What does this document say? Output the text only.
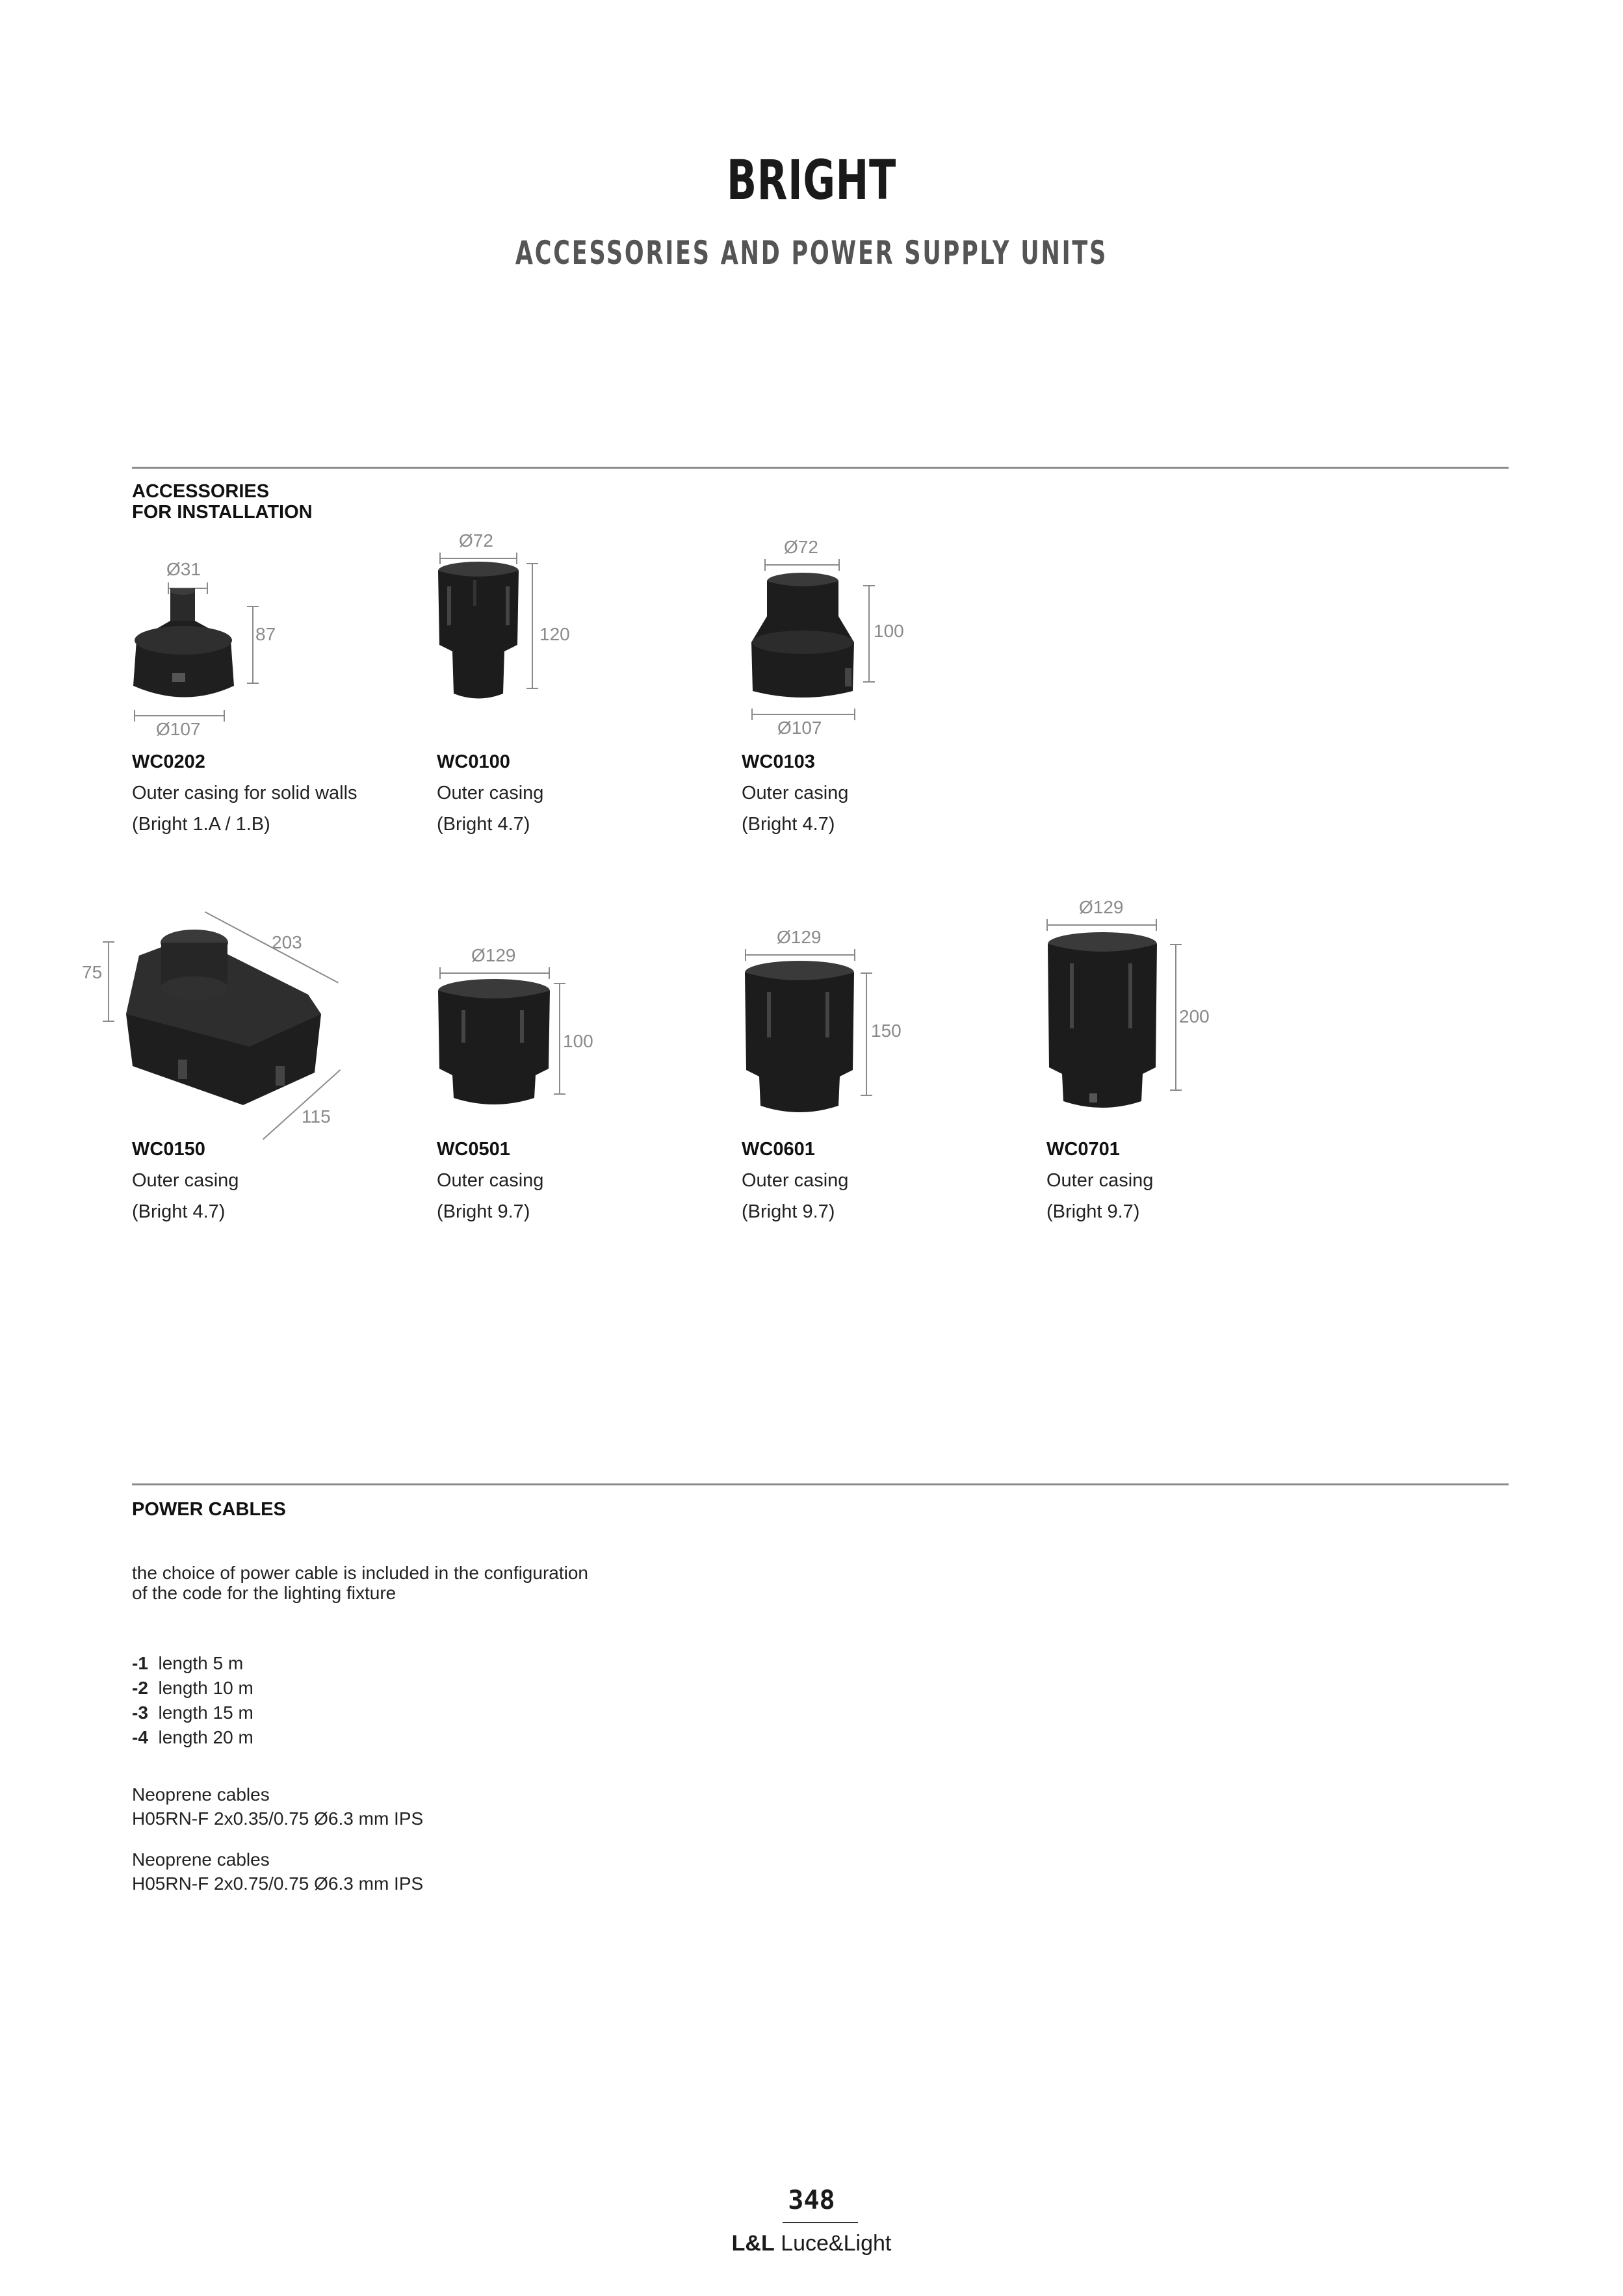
BRIGHT
ACCESSORIES AND POWER SUPPLY UNITS
ACCESSORIES
FOR INSTALLATION
Ø31
87
Ø107
WC0202
Outer casing for solid walls
(Bright 1.A / 1.B)
Ø72
120
WC0100
Outer casing
(Bright 4.7)
Ø72
100
Ø107
WC0103
Outer casing
(Bright 4.7)
75
203
115
WC0150
Outer casing
(Bright 4.7)
Ø129
100
WC0501
Outer casing
(Bright 9.7)
Ø129
150
WC0601
Outer casing
(Bright 9.7)
Ø129
200
WC0701
Outer casing
(Bright 9.7)
POWER CABLES
the choice of power cable is included in the configuration
of the code for the lighting fixture
-1 length 5 m
-2 length 10 m
-3 length 15 m
-4 length 20 m
Neoprene cables
H05RN-F 2x0.35/0.75 Ø6.3 mm IPS
Neoprene cables
H05RN-F 2x0.75/0.75 Ø6.3 mm IPS
348
L&L Luce&Light
